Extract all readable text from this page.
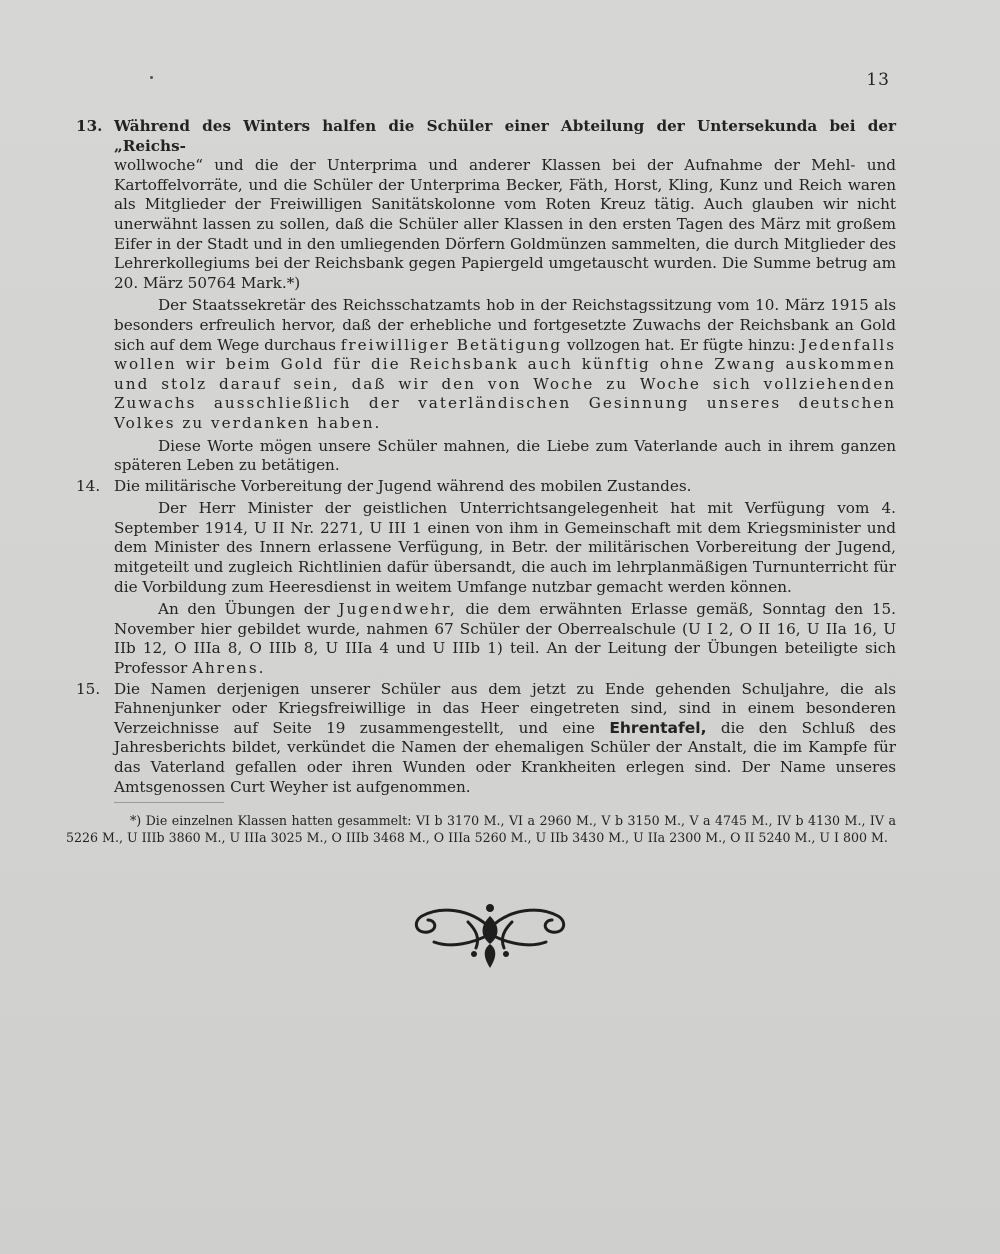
13
13. Während des Winters halfen die Schüler einer Abteilung der Untersekunda bei der „Reichs-

wollwoche“ und die der Unterprima und anderer Klassen bei der Aufnahme der Mehl- und Kartoffelvorräte, und die Schüler der Unterprima Becker, Fäth, Horst, Kling, Kunz und Reich waren als Mitglieder der Freiwilligen Sanitätskolonne vom Roten Kreuz tätig. Auch glauben wir nicht unerwähnt lassen zu sollen, daß die Schüler aller Klassen in den ersten Tagen des März mit großem Eifer in der Stadt und in den umliegenden Dörfern Goldmünzen sammelten, die durch Mitglieder des Lehrerkollegiums bei der Reichsbank gegen Papiergeld umgetauscht wurden. Die Summe betrug am 20. März 50764 Mark.*)

Der Staatssekretär des Reichsschatzamts hob in der Reichstagssitzung vom 10. März 1915 als besonders erfreulich hervor, daß der erhebliche und fortgesetzte Zuwachs der Reichsbank an Gold sich auf dem Wege durchaus freiwilliger Betätigung vollzogen hat. Er fügte hinzu: Jedenfalls wollen wir beim Gold für die Reichsbank auch künftig ohne Zwang auskommen und stolz darauf sein, daß wir den von Woche zu Woche sich vollziehenden Zuwachs ausschließlich der vaterländischen Gesinnung unseres deutschen Volkes zu verdanken haben.

Diese Worte mögen unsere Schüler mahnen, die Liebe zum Vaterlande auch in ihrem ganzen späteren Leben zu betätigen.

14. Die militärische Vorbereitung der Jugend während des mobilen Zustandes.

Der Herr Minister der geistlichen Unterrichtsangelegenheit hat mit Verfügung vom 4. September 1914, U II Nr. 2271, U III 1 einen von ihm in Gemeinschaft mit dem Kriegsminister und dem Minister des Innern erlassene Verfügung, in Betr. der militärischen Vorbereitung der Jugend, mitgeteilt und zugleich Richtlinien dafür übersandt, die auch im lehrplanmäßigen Turnunterricht für die Vorbildung zum Heeresdienst in weitem Umfange nutzbar gemacht werden können.

An den Übungen der Jugendwehr, die dem erwähnten Erlasse gemäß, Sonntag den 15. November hier gebildet wurde, nahmen 67 Schüler der Oberrealschule (U I 2, O II 16, U IIa 16, U IIb 12, O IIIa 8, O IIIb 8, U IIIa 4 und U IIIb 1) teil. An der Leitung der Übungen beteiligte sich Professor Ahrens.

15. Die Namen derjenigen unserer Schüler aus dem jetzt zu Ende gehenden Schuljahre, die als Fahnenjunker oder Kriegsfreiwillige in das Heer eingetreten sind, sind in einem besonderen Verzeichnisse auf Seite 19 zusammengestellt, und eine Ehrentafel, die den Schluß des Jahresberichts bildet, verkündet die Namen der ehemaligen Schüler der Anstalt, die im Kampfe für das Vaterland gefallen oder ihren Wunden oder Krankheiten erlegen sind. Der Name unseres Amtsgenossen Curt Weyher ist aufgenommen.

*) Die einzelnen Klassen hatten gesammelt: VI b 3170 M., VI a 2960 M., V b 3150 M., V a 4745 M., IV b 4130 M., IV a 5226 M., U IIIb 3860 M., U IIIa 3025 M., O IIIb 3468 M., O IIIa 5260 M., U IIb 3430 M., U IIa 2300 M., O II 5240 M., U I 800 M.
